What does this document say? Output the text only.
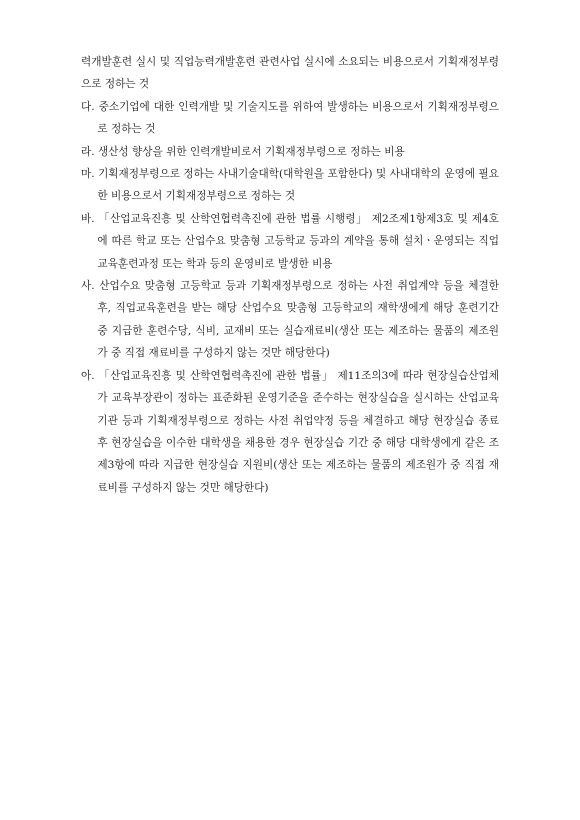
력개발훈련 실시 및 직업능력개발훈련 관련사업 실시에 소요되는 비용으로서 기획재정부령으로 정하는 것

다. 중소기업에 대한 인력개발 및 기술지도를 위하여 발생하는 비용으로서 기획재정부령으로 정하는 것

라. 생산성 향상을 위한 인력개발비로서 기획재정부령으로 정하는 비용

마. 기획재정부령으로 정하는 사내기술대학(대학원을 포함한다) 및 사내대학의 운영에 필요한 비용으로서 기획재정부령으로 정하는 것

바. 「산업교육진흥 및 산학연협력촉진에 관한 법률 시행령」 제2조제1항제3호 및 제4호에 따른 학교 또는 산업수요 맞춤형 고등학교 등과의 계약을 통해 설치ㆍ운영되는 직업교육훈련과정 또는 학과 등의 운영비로 발생한 비용

사. 산업수요 맞춤형 고등학교 등과 기획재정부령으로 정하는 사전 취업계약 등을 체결한 후, 직업교육훈련을 받는 해당 산업수요 맞춤형 고등학교의 재학생에게 해당 훈련기간 중 지급한 훈련수당, 식비, 교재비 또는 실습재료비(생산 또는 제조하는 물품의 제조원가 중 직접 재료비를 구성하지 않는 것만 해당한다)

아. 「산업교육진흥 및 산학연협력촉진에 관한 법률」 제11조의3에 따라 현장실습산업체가 교육부장관이 정하는 표준화된 운영기준을 준수하는 현장실습을 실시하는 산업교육기관 등과 기획재정부령으로 정하는 사전 취업약정 등을 체결하고 해당 현장실습 종료 후 현장실습을 이수한 대학생을 채용한 경우 현장실습 기간 중 해당 대학생에게 같은 조 제3항에 따라 지급한 현장실습 지원비(생산 또는 제조하는 물품의 제조원가 중 직접 재료비를 구성하지 않는 것만 해당한다)
